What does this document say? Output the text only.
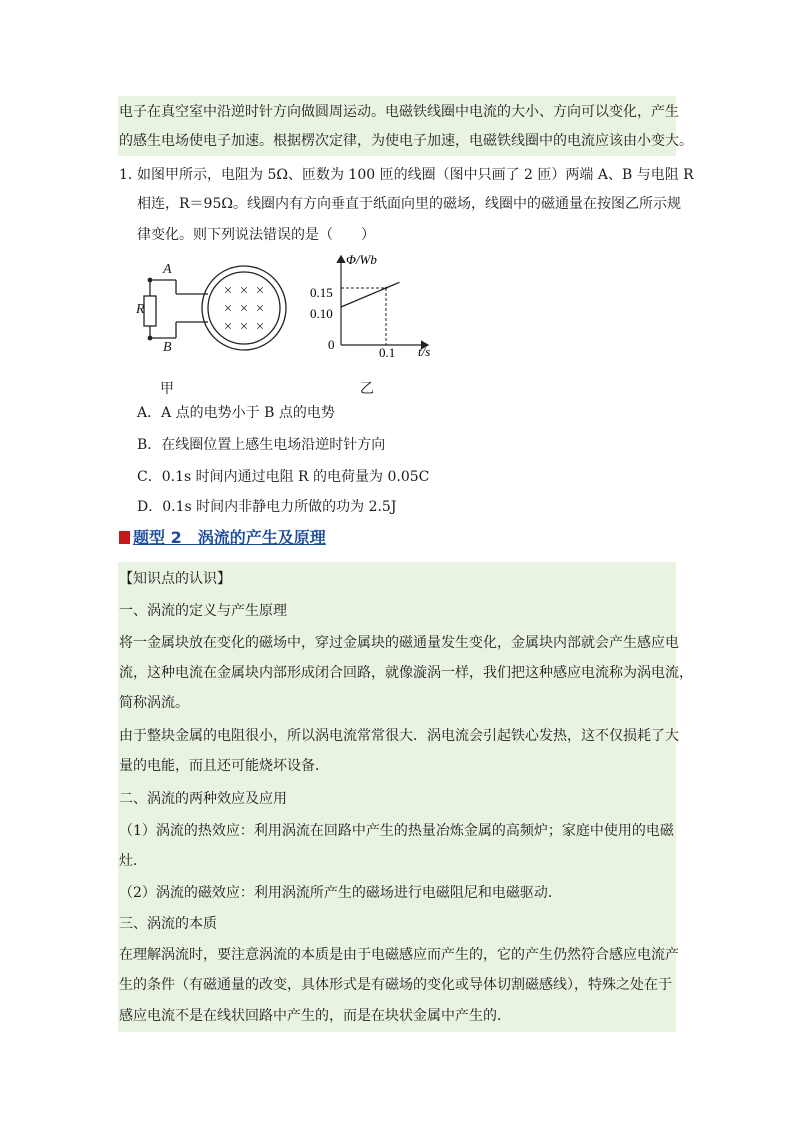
电子在真空室中沿逆时针方向做圆周运动。电磁铁线圈中电流的大小、方向可以变化，产生
的感生电场使电子加速。根据楞次定律，为使电子加速，电磁铁线圈中的电流应该由小变大。
1．
如图甲所示，电阻为 5Ω、匝数为 100 匝的线圈（图中只画了 2 匝）两端 A、B 与电阻 R
相连，R＝95Ω。线圈内有方向垂直于纸面向里的磁场，线圈中的磁通量在按图乙所示规
律变化。则下列说法错误的是（　　）
× × ×
× × ×
× × ×
A
B
R
甲
Φ/Wb
t/s
0
0.15
0.10
0.1
乙
A．A 点的电势小于 B 点的电势
B．在线圈位置上感生电场沿逆时针方向
C．0.1s 时间内通过电阻 R 的电荷量为 0.05C
D．0.1s 时间内非静电力所做的功为 2.5J
题型 2　涡流的产生及原理
【知识点的认识】
一、涡流的定义与产生原理
将一金属块放在变化的磁场中，穿过金属块的磁通量发生变化，金属块内部就会产生感应电
流，这种电流在金属块内部形成闭合回路，就像漩涡一样，我们把这种感应电流称为涡电流，
简称涡流。
由于整块金属的电阻很小，所以涡电流常常很大．涡电流会引起铁心发热，这不仅损耗了大
量的电能，而且还可能烧坏设备．
二、涡流的两种效应及应用
（1）涡流的热效应：利用涡流在回路中产生的热量冶炼金属的高频炉；家庭中使用的电磁
灶．
（2）涡流的磁效应：利用涡流所产生的磁场进行电磁阻尼和电磁驱动．
三、涡流的本质
在理解涡流时，要注意涡流的本质是由于电磁感应而产生的，它的产生仍然符合感应电流产
生的条件（有磁通量的改变，具体形式是有磁场的变化或导体切割磁感线），特殊之处在于
感应电流不是在线状回路中产生的，而是在块状金属中产生的．
